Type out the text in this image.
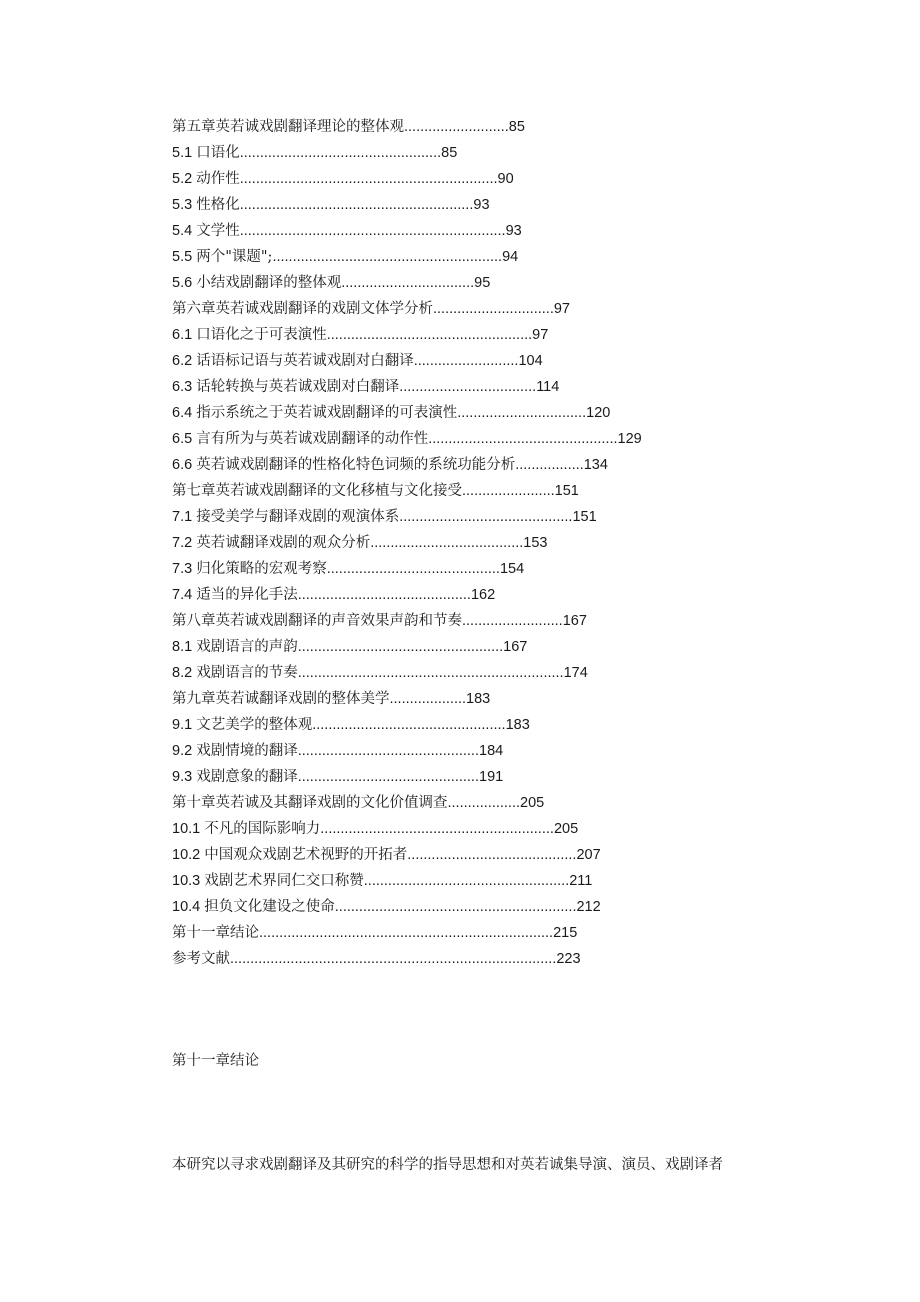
第五章英若诚戏剧翻译理论的整体观..........................85
5.1 口语化..................................................85
5.2 动作性................................................................90
5.3 性格化..........................................................93
5.4 文学性..................................................................93
5.5 两个"课题";.........................................................94
5.6 小结戏剧翻译的整体观.................................95
第六章英若诚戏剧翻译的戏剧文体学分析..............................97
6.1 口语化之于可表演性...................................................97
6.2 话语标记语与英若诚戏剧对白翻译..........................104
6.3 话轮转换与英若诚戏剧对白翻译..................................114
6.4 指示系统之于英若诚戏剧翻译的可表演性................................120
6.5 言有所为与英若诚戏剧翻译的动作性...............................................129
6.6 英若诚戏剧翻译的性格化特色词频的系统功能分析.................134
第七章英若诚戏剧翻译的文化移植与文化接受.......................151
7.1 接受美学与翻译戏剧的观演体系...........................................151
7.2 英若诚翻译戏剧的观众分析......................................153
7.3 归化策略的宏观考察...........................................154
7.4 适当的异化手法...........................................162
第八章英若诚戏剧翻译的声音效果声韵和节奏.........................167
8.1 戏剧语言的声韵...................................................167
8.2 戏剧语言的节奏..................................................................174
第九章英若诚翻译戏剧的整体美学...................183
9.1 文艺美学的整体观................................................183
9.2 戏剧情境的翻译.............................................184
9.3 戏剧意象的翻译.............................................191
第十章英若诚及其翻译戏剧的文化价值调查..................205
10.1 不凡的国际影响力..........................................................205
10.2 中国观众戏剧艺术视野的开拓者..........................................207
10.3 戏剧艺术界同仁交口称赞...................................................211
10.4 担负文化建设之使命............................................................212
第十一章结论.........................................................................215
参考文献.................................................................................223
第十一章结论

本研究以寻求戏剧翻译及其研究的科学的指导思想和对英若诚集导演、演员、戏剧译者
